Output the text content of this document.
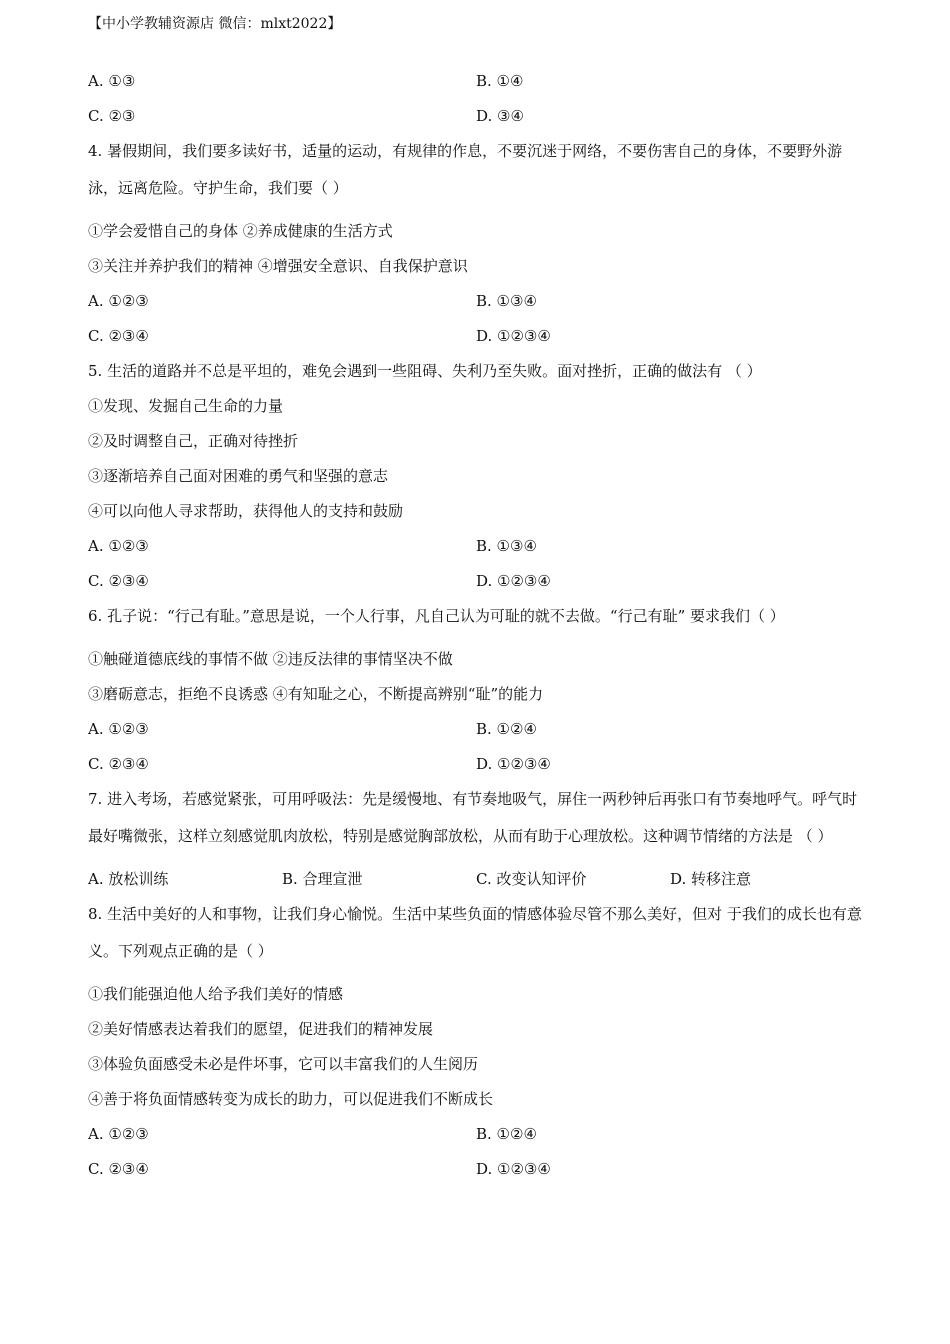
【中小学教辅资源店 微信：mlxt2022】
A. ①③	B. ①④
C. ②③	D. ③④
4. 暑假期间，我们要多读好书，适量的运动，有规律的作息，不要沉迷于网络，不要伤害自己的身体，不要野外游泳，远离危险。守护生命，我们要（ ）
①学会爱惜自己的身体 ②养成健康的生活方式
③关注并养护我们的精神 ④增强安全意识、自我保护意识
A. ①②③	B. ①③④
C. ②③④	D. ①②③④
5. 生活的道路并不总是平坦的，难免会遇到一些阻碍、失利乃至失败。面对挫折，正确的做法有 （ ）
①发现、发掘自己生命的力量
②及时调整自己，正确对待挫折
③逐渐培养自己面对困难的勇气和坚强的意志
④可以向他人寻求帮助，获得他人的支持和鼓励
A. ①②③	B. ①③④
C. ②③④	D. ①②③④
6. 孔子说：“行己有耻。”意思是说，一个人行事，凡自己认为可耻的就不去做。“行己有耻” 要求我们（ ）
①触碰道德底线的事情不做 ②违反法律的事情坚决不做
③磨砺意志，拒绝不良诱惑 ④有知耻之心，不断提高辨别“耻”的能力
A. ①②③	B. ①②④
C. ②③④	D. ①②③④
7. 进入考场，若感觉紧张，可用呼吸法：先是缓慢地、有节奏地吸气，屏住一两秒钟后再张口有节奏地呼气。呼气时最好嘴微张，这样立刻感觉肌肉放松，特别是感觉胸部放松，从而有助于心理放松。这种调节情绪的方法是 （ ）
A. 放松训练	B. 合理宣泄	C. 改变认知评价	D. 转移注意
8. 生活中美好的人和事物，让我们身心愉悦。生活中某些负面的情感体验尽管不那么美好，但对 于我们的成长也有意义。下列观点正确的是（ ）
①我们能强迫他人给予我们美好的情感
②美好情感表达着我们的愿望，促进我们的精神发展
③体验负面感受未必是件坏事，它可以丰富我们的人生阅历
④善于将负面情感转变为成长的助力，可以促进我们不断成长
A. ①②③	B. ①②④
C. ②③④	D. ①②③④
